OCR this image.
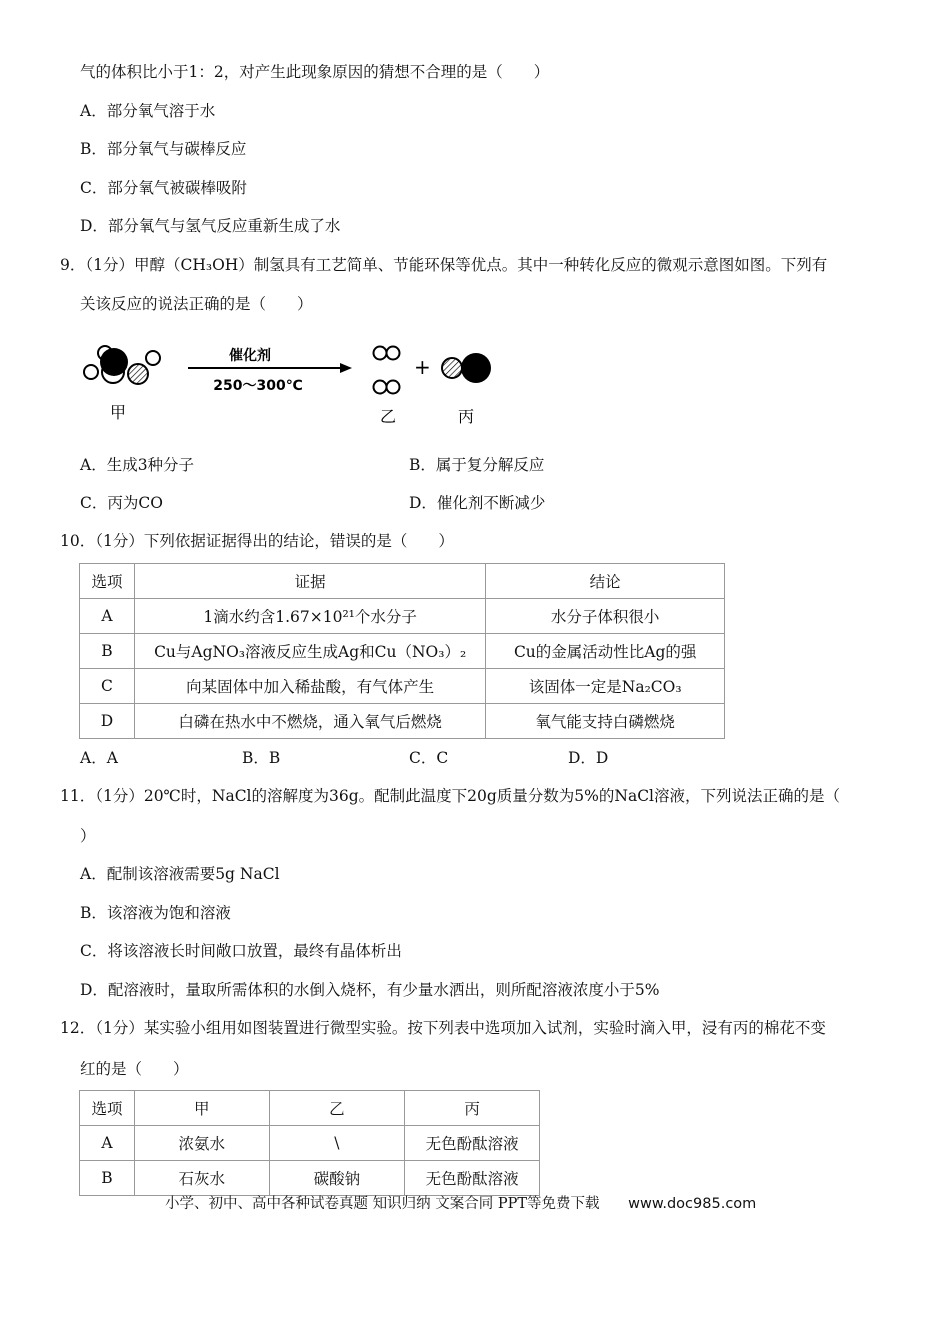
气的体积比小于1：2，对产生此现象原因的猜想不合理的是（　　）
A．部分氧气溶于水
B．部分氧气与碳棒反应
C．部分氧气被碳棒吸附
D．部分氧气与氢气反应重新生成了水
9．（1分）甲醇（CH₃OH）制氢具有工艺简单、节能环保等优点。其中一种转化反应的微观示意图如图。下列有
关该反应的说法正确的是（　　）
甲
催化剂
250～300℃
乙
+
丙
A．生成3种分子	B．属于复分解反应
C．丙为CO	D．催化剂不断减少
10．（1分）下列依据证据得出的结论，错误的是（　　）
选项	证据	结论
A	1滴水约含1.67×10²¹个水分子	水分子体积很小
B	Cu与AgNO₃溶液反应生成Ag和Cu（NO₃）₂	Cu的金属活动性比Ag的强
C	向某固体中加入稀盐酸，有气体产生	该固体一定是Na₂CO₃
D	白磷在热水中不燃烧，通入氧气后燃烧	氧气能支持白磷燃烧
A．A	B．B	C．C	D．D
11．（1分）20℃时，NaCl的溶解度为36g。配制此温度下20g质量分数为5%的NaCl溶液，下列说法正确的是（
）
A．配制该溶液需要5g NaCl
B．该溶液为饱和溶液
C．将该溶液长时间敞口放置，最终有晶体析出
D．配溶液时，量取所需体积的水倒入烧杯，有少量水洒出，则所配溶液浓度小于5%
12．（1分）某实验小组用如图装置进行微型实验。按下列表中选项加入试剂，实验时滴入甲，浸有丙的棉花不变
红的是（　　）
选项	甲	乙	丙
A	浓氨水	\	无色酚酞溶液
B	石灰水	碳酸钠	无色酚酞溶液
小学、初中、高中各种试卷真题 知识归纳 文案合同 PPT等免费下载 www.doc985.com
